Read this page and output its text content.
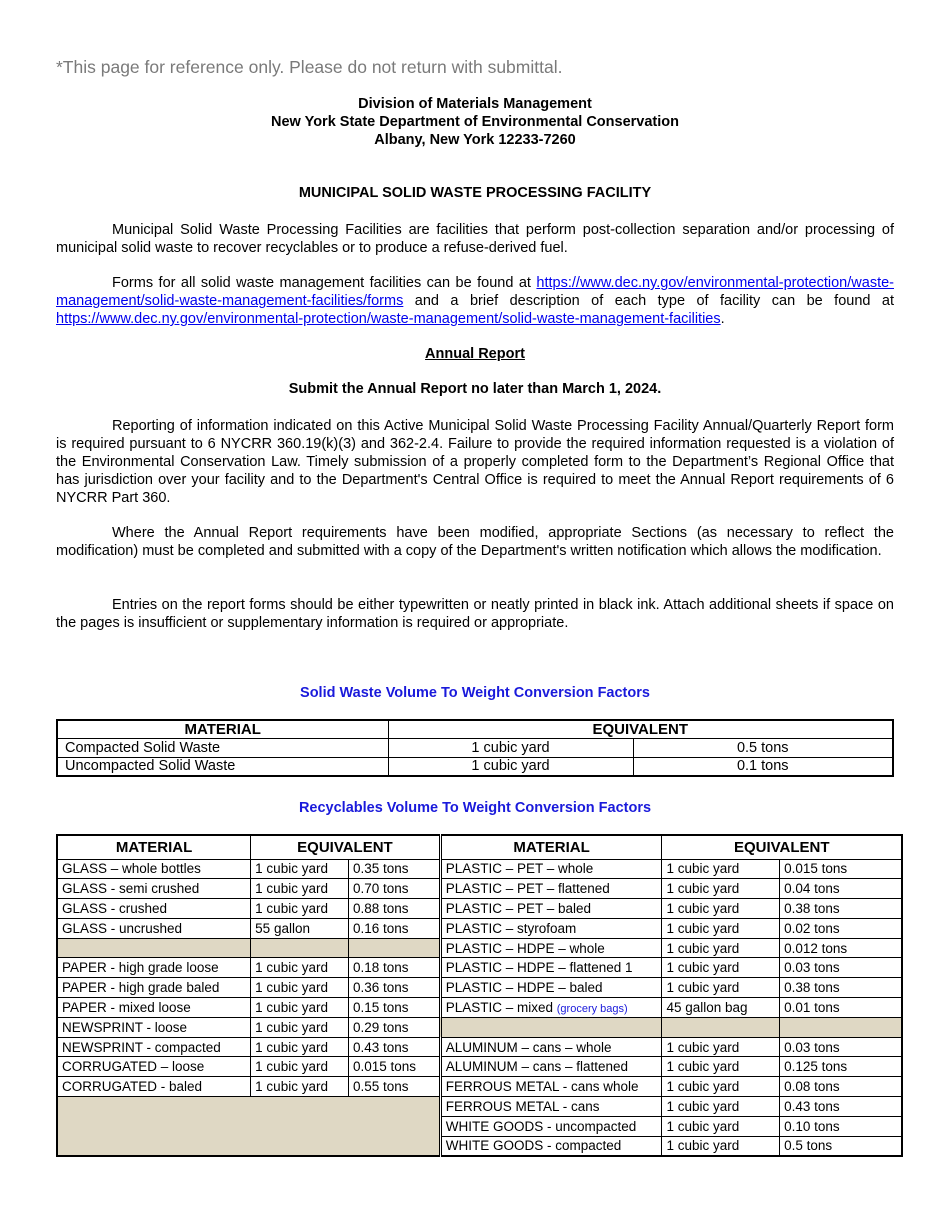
*This page for reference only. Please do not return with submittal.
Division of Materials Management
New York State Department of Environmental Conservation
Albany, New York 12233-7260
MUNICIPAL SOLID WASTE PROCESSING FACILITY
Municipal Solid Waste Processing Facilities are facilities that perform post-collection separation and/or processing of municipal solid waste to recover recyclables or to produce a refuse-derived fuel.
Forms for all solid waste management facilities can be found at https://www.dec.ny.gov/environmental-protection/waste-management/solid-waste-management-facilities/forms and a brief description of each type of facility can be found at https://www.dec.ny.gov/environmental-protection/waste-management/solid-waste-management-facilities.
Annual Report
Submit the Annual Report no later than March 1, 2024.
Reporting of information indicated on this Active Municipal Solid Waste Processing Facility Annual/Quarterly Report form is required pursuant to 6 NYCRR 360.19(k)(3) and 362-2.4. Failure to provide the required information requested is a violation of the Environmental Conservation Law. Timely submission of a properly completed form to the Department’s Regional Office that has jurisdiction over your facility and to the Department's Central Office is required to meet the Annual Report requirements of 6 NYCRR Part 360.
Where the Annual Report requirements have been modified, appropriate Sections (as necessary to reflect the modification) must be completed and submitted with a copy of the Department's written notification which allows the modification.
Entries on the report forms should be either typewritten or neatly printed in black ink. Attach additional sheets if space on the pages is insufficient or supplementary information is required or appropriate.
Solid Waste Volume To Weight Conversion Factors
MATERIAL	EQUIVALENT	
Compacted Solid Waste	1 cubic yard	0.5 tons
Uncompacted Solid Waste	1 cubic yard	0.1 tons
Recyclables Volume To Weight Conversion Factors
MATERIAL	EQUIVALENT		MATERIAL	EQUIVALENT	
GLASS – whole bottles	1 cubic yard	0.35 tons	PLASTIC – PET – whole	1 cubic yard	0.015 tons
GLASS - semi crushed	1 cubic yard	0.70 tons	PLASTIC – PET – flattened	1 cubic yard	0.04 tons
GLASS - crushed	1 cubic yard	0.88 tons	PLASTIC – PET – baled	1 cubic yard	0.38 tons
GLASS - uncrushed	55 gallon	0.16 tons	PLASTIC – styrofoam	1 cubic yard	0.02 tons
			PLASTIC – HDPE – whole	1 cubic yard	0.012 tons
PAPER - high grade loose	1 cubic yard	0.18 tons	PLASTIC – HDPE – flattened 1	1 cubic yard	0.03 tons
PAPER - high grade baled	1 cubic yard	0.36 tons	PLASTIC – HDPE – baled	1 cubic yard	0.38 tons
PAPER - mixed loose	1 cubic yard	0.15 tons	PLASTIC – mixed (grocery bags)	45 gallon bag	0.01 tons
NEWSPRINT - loose	1 cubic yard	0.29 tons			
NEWSPRINT - compacted	1 cubic yard	0.43 tons	ALUMINUM – cans – whole	1 cubic yard	0.03 tons
CORRUGATED – loose	1 cubic yard	0.015 tons	ALUMINUM – cans – flattened	1 cubic yard	0.125 tons
CORRUGATED - baled	1 cubic yard	0.55 tons	FERROUS METAL - cans whole	1 cubic yard	0.08 tons
			FERROUS METAL - cans	1 cubic yard	0.43 tons
			WHITE GOODS - uncompacted	1 cubic yard	0.10 tons
			WHITE GOODS - compacted	1 cubic yard	0.5 tons
